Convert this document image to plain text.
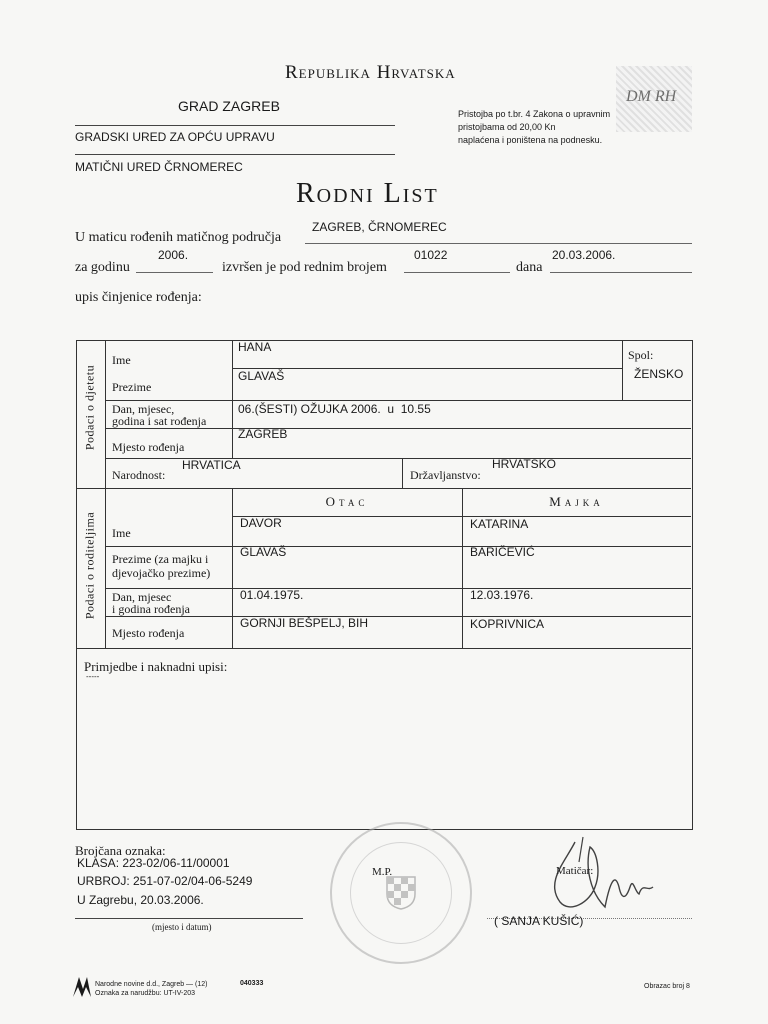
Republika Hrvatska
GRAD ZAGREB
GRADSKI URED ZA OPĆU UPRAVU
MATIČNI URED ČRNOMEREC
Pristojba po t.br. 4 Zakona o upravnim
pristojbama od 20,00 Kn
naplaćena i poništena na podnesku.
DM RH
Rodni List
U maticu rođenih matičnog područja
ZAGREB, ČRNOMEREC
za godinu
2006.
izvršen je pod rednim brojem
01022
dana
20.03.2006.
upis činjenice rođenja:
Podaci o djetetu
Podaci o roditeljima
Ime
HANA
Prezime
GLAVAŠ
Spol:
ŽENSKO
Dan, mjesec,
godina i sat rođenja
06.(ŠESTI) OŽUJKA 2006.  u  10.55
Mjesto rođenja
ZAGREB
Narodnost:
HRVATICA
Državljanstvo:
HRVATSKO
Otac	Majka
Ime
DAVOR	KATARINA
Prezime (za majku i
djevojačko prezime)
GLAVAŠ	BARIČEVIĆ
Dan, mjesec
i godina rođenja
01.04.1975.	12.03.1976.
Mjesto rođenja
GORNJI BEŠPELJ, BIH	KOPRIVNICA
Primjedbe i naknadni upisi:
-----
Brojčana oznaka:
KLASA: 223-02/06-11/00001
URBROJ: 251-07-02/04-06-5249
U Zagrebu, 20.03.2006.
(mjesto i datum)
M.P.	Matičar:
( SANJA KUŠIĆ)
Narodne novine d.d., Zagreb — (12)
Oznaka za narudžbu: UT-IV-203
040333	Obrazac broj 8
